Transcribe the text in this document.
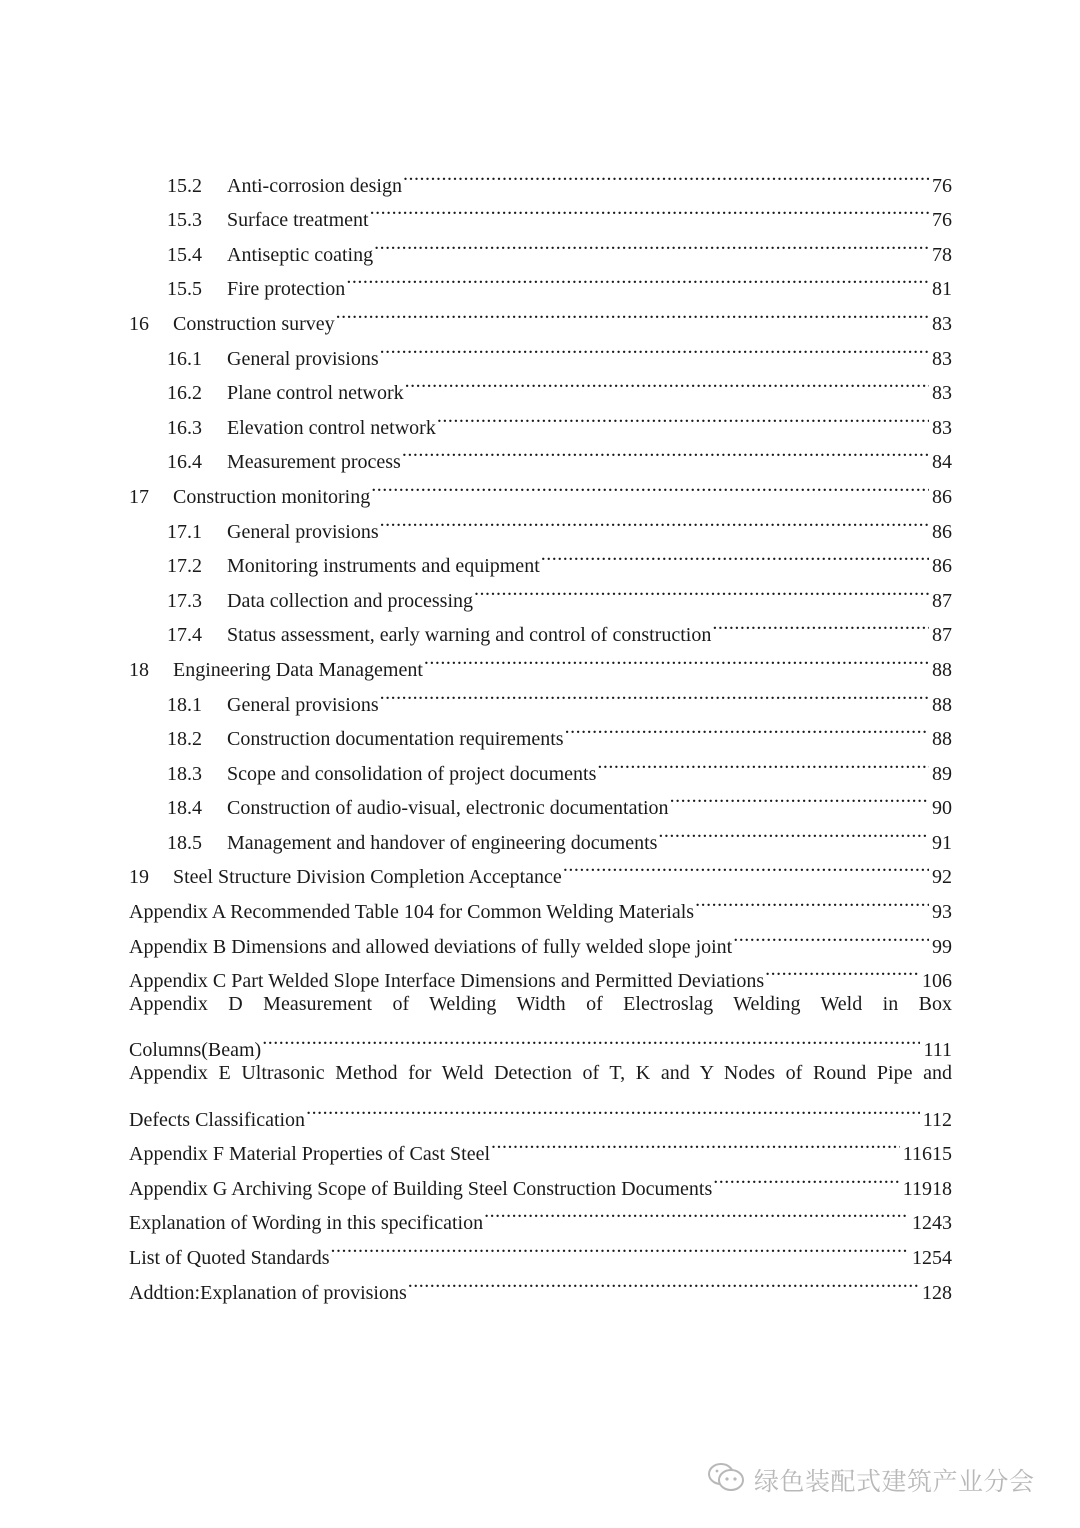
15.2	Anti-corrosion design .....	76
15.3	Surface treatment .....	76
15.4	Antiseptic coating .....	78
15.5	Fire protection .....	81
16	Construction survey .....	83
16.1	General provisions .....	83
16.2	Plane control network .....	83
16.3	Elevation control network .....	83
16.4	Measurement process .....	84
17	Construction monitoring .....	86
17.1	General provisions .....	86
17.2	Monitoring instruments and equipment .....	86
17.3	Data collection and processing .....	87
17.4	Status assessment, early warning and control of construction .....	87
18	Engineering Data Management .....	88
18.1	General provisions .....	88
18.2	Construction documentation requirements .....	88
18.3	Scope and consolidation of project documents .....	89
18.4	Construction of audio-visual, electronic documentation .....	90
18.5	Management and handover of engineering documents .....	91
19	Steel Structure Division Completion Acceptance .....	92
Appendix A Recommended Table 104 for Common Welding Materials .....	93
Appendix B Dimensions and allowed deviations of fully welded slope joint .....	99
Appendix C Part Welded Slope Interface Dimensions and Permitted Deviations .....	106
Appendix D Measurement of Welding Width of Electroslag Welding Weld in Box
Columns(Beam) .....	111
Appendix E Ultrasonic Method for Weld Detection of T, K and Y Nodes of Round Pipe and
Defects Classification .....	112
Appendix F Material Properties of Cast Steel .....	11615
Appendix G Archiving Scope of Building Steel Construction Documents .....	11918
Explanation of Wording in this specification .....	1243
List of Quoted Standards .....	1254
Addtion:Explanation of provisions .....	128
绿色装配式建筑产业分会
